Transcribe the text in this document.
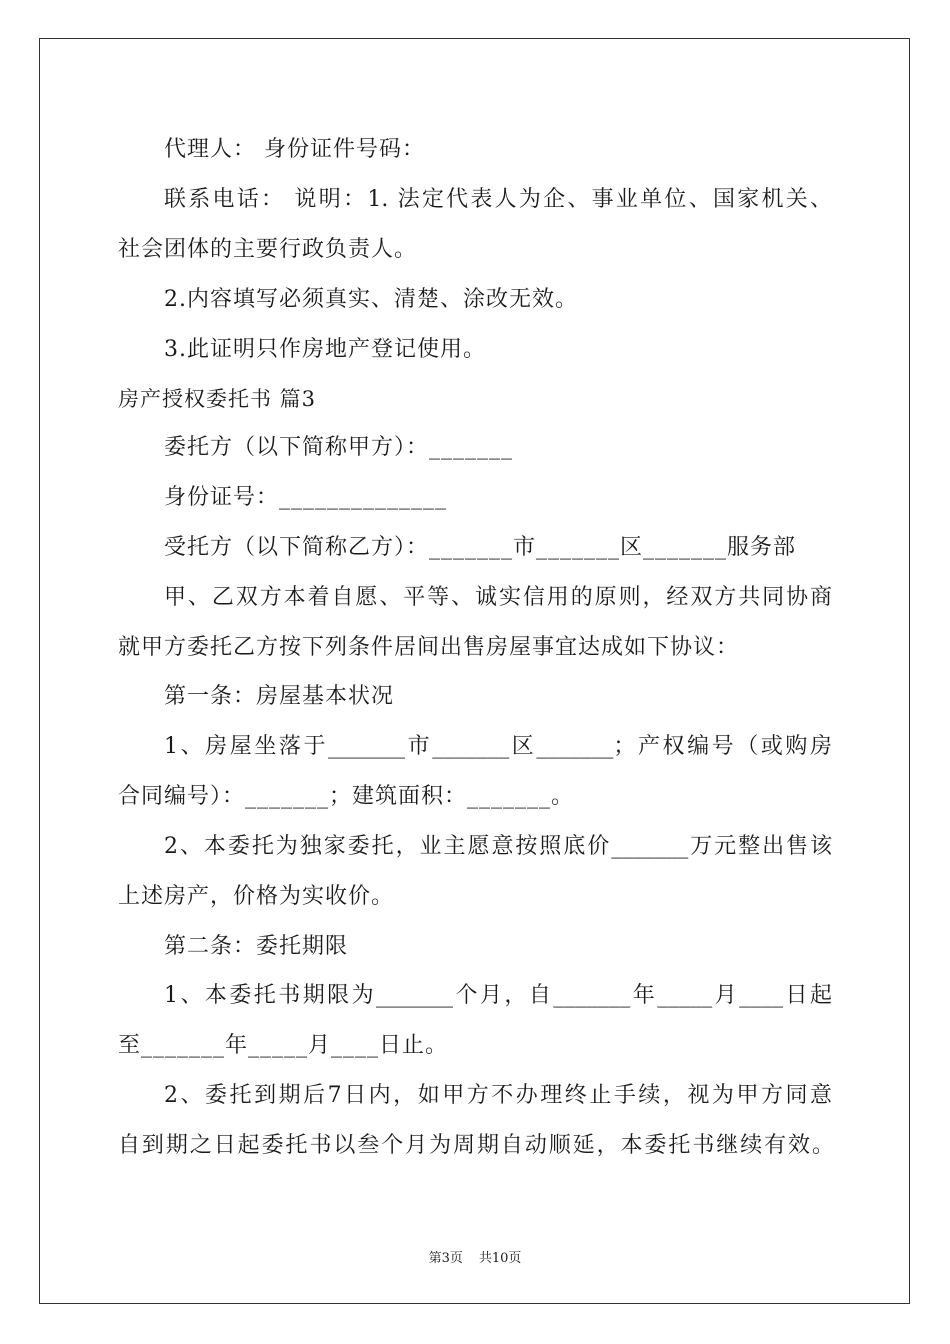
代理人： 身份证件号码：
联系电话： 说明：1. 法定代表人为企、事业单位、国家机关、
社会团体的主要行政负责人。
2.内容填写必须真实、清楚、涂改无效。
3.此证明只作房地产登记使用。
房产授权委托书 篇3
委托方（以下简称甲方）：_______
身份证号：______________
受托方（以下简称乙方）：_______市_______区_______服务部
甲、乙双方本着自愿、平等、诚实信用的原则，经双方共同协商
就甲方委托乙方按下列条件居间出售房屋事宜达成如下协议：
第一条：房屋基本状况
1、房屋坐落于_______市_______区_______；产权编号（或购房
合同编号）：_______；建筑面积：_______。
2、本委托为独家委托，业主愿意按照底价_______万元整出售该
上述房产，价格为实收价。
第二条：委托期限
1、本委托书期限为_______个月，自_______年_____月____日起
至_______年_____月____日止。
2、委托到期后7日内，如甲方不办理终止手续，视为甲方同意
自到期之日起委托书以叁个月为周期自动顺延，本委托书继续有效。
第3页 共10页
